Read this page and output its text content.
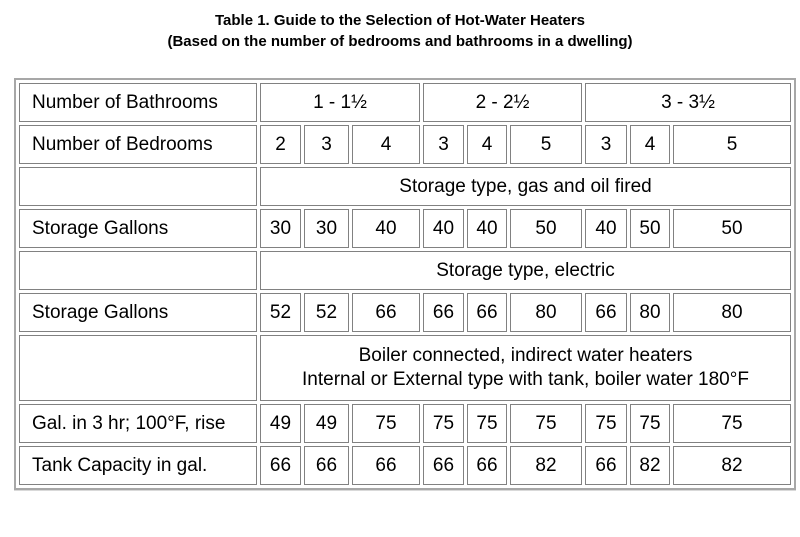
Table 1. Guide to the Selection of Hot-Water Heaters
(Based on the number of bedrooms and bathrooms in a dwelling)
Number of Bathrooms	1 - 1½			2 - 2½			3 - 3½		
Number of Bedrooms	2	3	4	3	4	5	3	4	5
	Storage type, gas and oil fired								
Storage Gallons	30	30	40	40	40	50	40	50	50
	Storage type, electric								
Storage Gallons	52	52	66	66	66	80	66	80	80

	Boiler connected, indirect water heaters
Internal or External type with tank, boiler water 180°F								

Gal. in 3 hr; 100°F, rise	49	49	75	75	75	75	75	75	75
Tank Capacity in gal.	66	66	66	66	66	82	66	82	82
